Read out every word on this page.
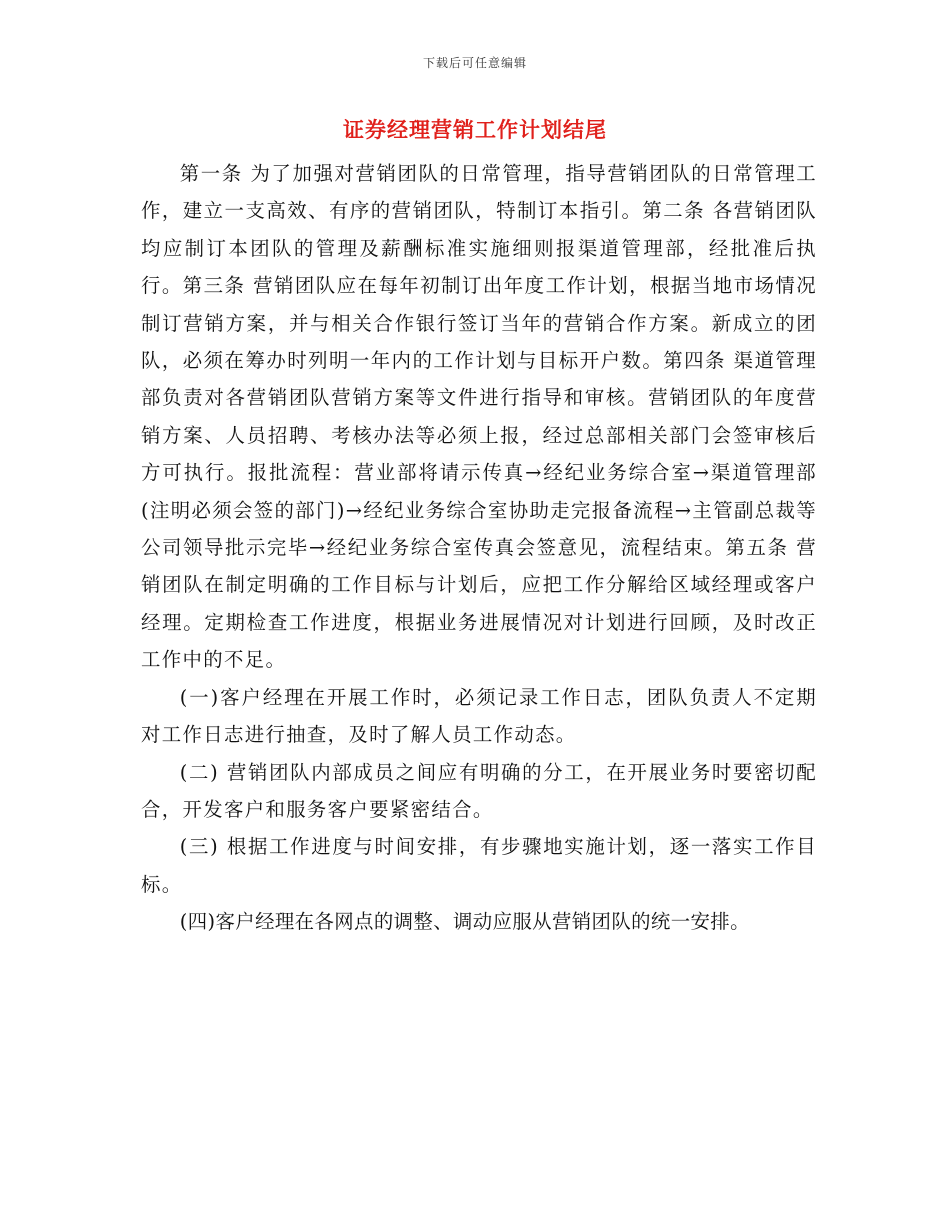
下载后可任意编辑
证券经理营销工作计划结尾

第一条 为了加强对营销团队的日常管理，指导营销团队的日常管理工作，建立一支高效、有序的营销团队，特制订本指引。第二条 各营销团队均应制订本团队的管理及薪酬标准实施细则报渠道管理部，经批准后执行。第三条 营销团队应在每年初制订出年度工作计划，根据当地市场情况制订营销方案，并与相关合作银行签订当年的营销合作方案。新成立的团队，必须在筹办时列明一年内的工作计划与目标开户数。第四条 渠道管理部负责对各营销团队营销方案等文件进行指导和审核。营销团队的年度营销方案、人员招聘、考核办法等必须上报，经过总部相关部门会签审核后方可执行。报批流程：营业部将请示传真→经纪业务综合室→渠道管理部(注明必须会签的部门)→经纪业务综合室协助走完报备流程→主管副总裁等公司领导批示完毕→经纪业务综合室传真会签意见，流程结束。第五条 营销团队在制定明确的工作目标与计划后，应把工作分解给区域经理或客户经理。定期检查工作进度，根据业务进展情况对计划进行回顾，及时改正工作中的不足。

(一)客户经理在开展工作时，必须记录工作日志，团队负责人不定期对工作日志进行抽查，及时了解人员工作动态。

(二) 营销团队内部成员之间应有明确的分工，在开展业务时要密切配合，开发客户和服务客户要紧密结合。

(三) 根据工作进度与时间安排，有步骤地实施计划，逐一落实工作目标。

(四)客户经理在各网点的调整、调动应服从营销团队的统一安排。
